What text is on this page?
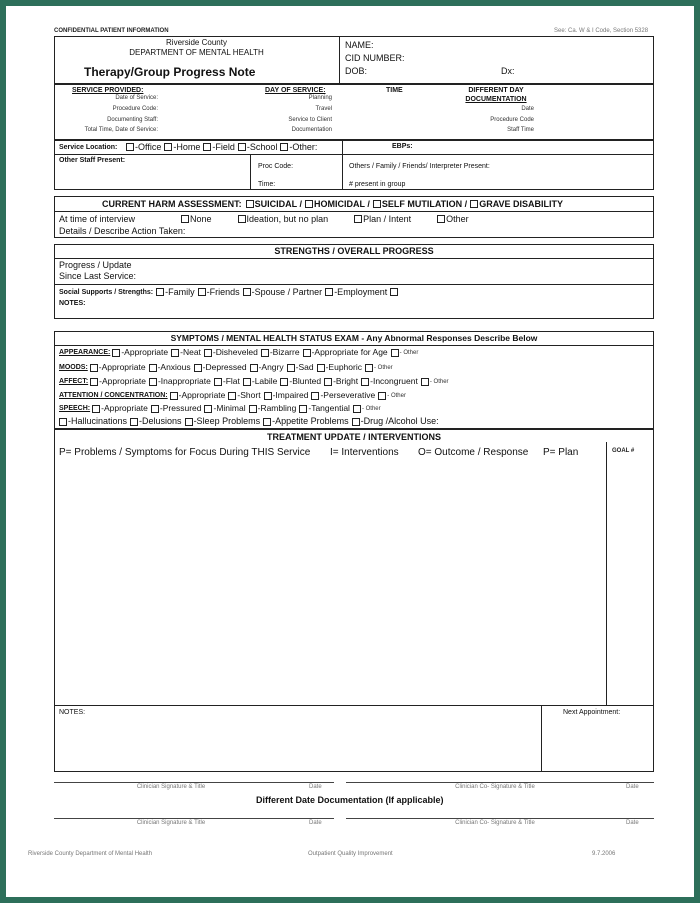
CONFIDENTIAL PATIENT INFORMATION	See: Ca. W & I Code, Section 5328
Riverside County
DEPARTMENT OF MENTAL HEALTH
Therapy/Group Progress Note
NAME:
CID NUMBER:
DOB:	Dx:
SERVICE PROVIDED:
Date of Service:
Procedure Code:
Documenting Staff:
Total Time, Date of Service:
DAY OF SERVICE:
Planning
Travel
Service to Client
Documentation
TIME	DIFFERENT DAY
DOCUMENTATION
Date
Procedure Code
Staff Time
Service Location: -Office -Home -Field -School -Other:	EBPs:
Other Staff Present:
Proc Code:
Time:
Others / Family / Friends/ Interpreter Present:
# present in group
CURRENT HARM ASSESSMENT: SUICIDAL / HOMICIDAL / SELF MUTILATION / GRAVE DISABILITY
At time of interview	None	Ideation, but no plan	Plan / Intent	Other
Details / Describe Action Taken:
STRENGTHS / OVERALL PROGRESS
Progress / Update
Since Last Service:
Social Supports / Strengths: -Family -Friends -Spouse / Partner -Employment
NOTES:
SYMPTOMS / MENTAL HEALTH STATUS EXAM - Any Abnormal Responses Describe Below
APPEARANCE: -Appropriate -Neat -Disheveled -Bizarre -Appropriate for Age - Other
MOODS: -Appropriate -Anxious -Depressed -Angry -Sad -Euphoric - Other
AFFECT: -Appropriate -Inappropriate -Flat -Labile -Blunted -Bright -Incongruent - Other
ATTENTION / CONCENTRATION: -Appropriate -Short -Impaired -Perseverative - Other
SPEECH: -Appropriate -Pressured -Minimal -Rambling -Tangential - Other
-Hallucinations -Delusions -Sleep Problems -Appetite Problems -Drug /Alcohol Use:
TREATMENT UPDATE / INTERVENTIONS
P= Problems / Symptoms for Focus During THIS Service I= Interventions O= Outcome / Response P= Plan	GOAL #
NOTES:	Next Appointment:
Clinician Signature & Title	Date	Clinician Co- Signature & Title	Date
Different Date Documentation (If applicable)
Clinician Signature & Title	Date	Clinician Co- Signature & Title	Date
Riverside County Department of Mental Health	Outpatient Quality Improvement	9.7.2006
